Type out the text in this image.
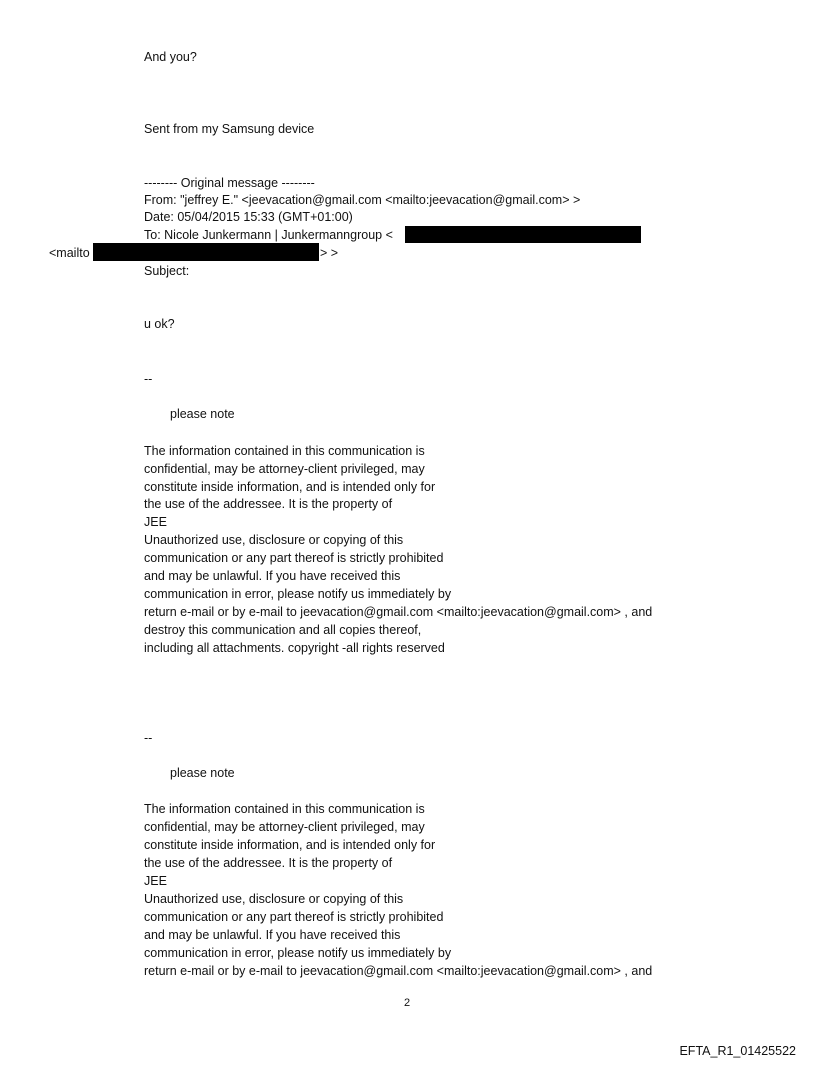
And you?

Sent from my Samsung device

-------- Original message --------

From: "jeffrey E." <jeevacation@gmail.com <mailto:jeevacation@gmail.com> >

Date: 05/04/2015 15:33 (GMT+01:00)

To: Nicole Junkermann | Junkermanngroup <

<mailto	> >

Subject:

u ok?

--

please note

The information contained in this communication is

confidential, may be attorney-client privileged, may

constitute inside information, and is intended only for

the use of the addressee. It is the property of

JEE

Unauthorized use, disclosure or copying of this

communication or any part thereof is strictly prohibited

and may be unlawful. If you have received this

communication in error, please notify us immediately by

return e-mail or by e-mail to jeevacation@gmail.com <mailto:jeevacation@gmail.com> , and

destroy this communication and all copies thereof,

including all attachments. copyright -all rights reserved

--

please note

The information contained in this communication is

confidential, may be attorney-client privileged, may

constitute inside information, and is intended only for

the use of the addressee. It is the property of

JEE

Unauthorized use, disclosure or copying of this

communication or any part thereof is strictly prohibited

and may be unlawful. If you have received this

communication in error, please notify us immediately by

return e-mail or by e-mail to jeevacation@gmail.com <mailto:jeevacation@gmail.com> , and

2

EFTA_R1_01425522
